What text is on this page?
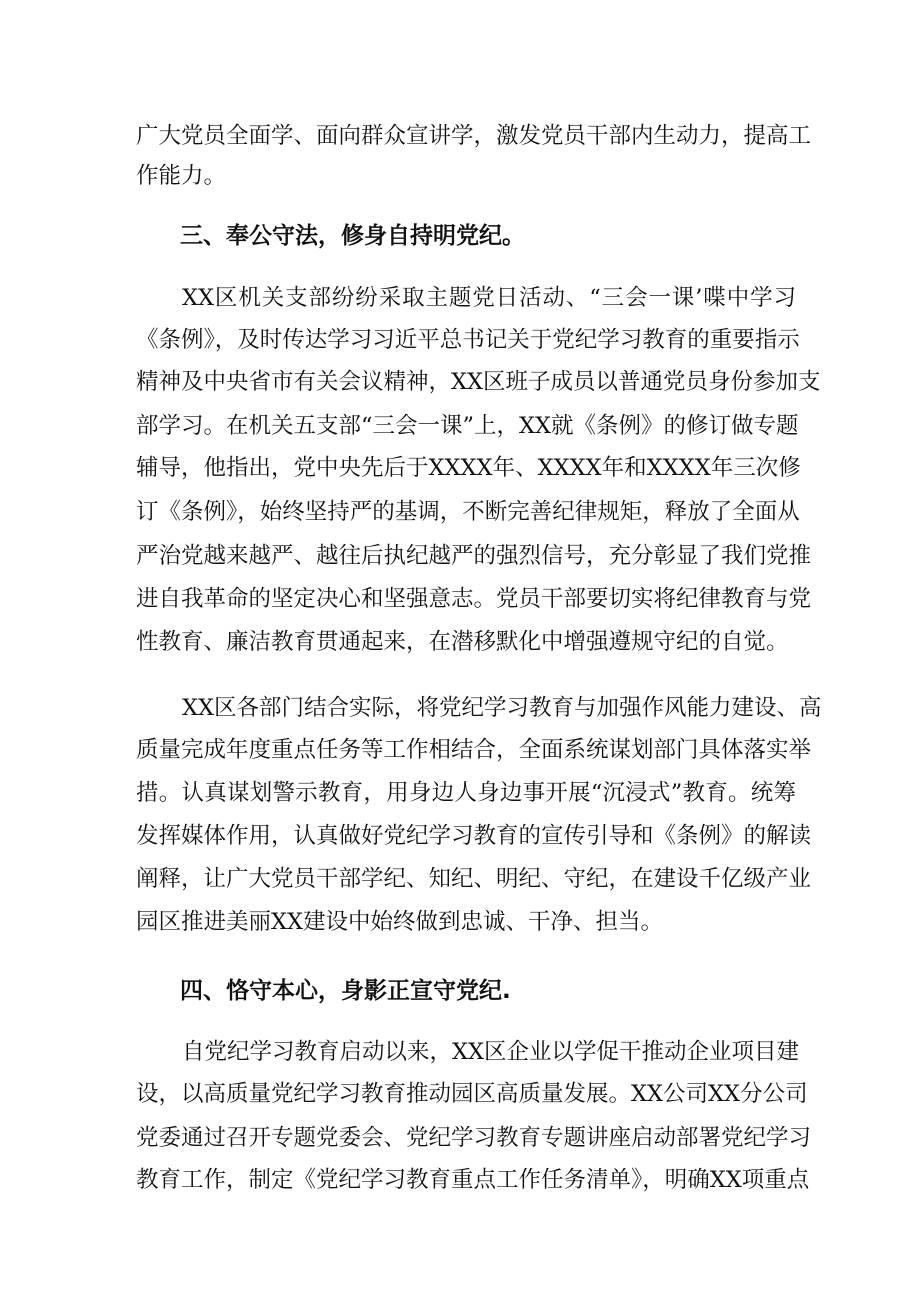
广大党员全面学、面向群众宣讲学，激发党员干部内生动力，提高工

作能力。

三、奉公守法，修身自持明党纪。

XX区机关支部纷纷采取主题党日活动、“三会一课’喋中学习

《条例》，及时传达学习习近平总书记关于党纪学习教育的重要指示

精神及中央省市有关会议精神，XX区班子成员以普通党员身份参加支

部学习。在机关五支部“三会一课”上，XX就《条例》的修订做专题

辅导，他指出，党中央先后于XXXX年、XXXX年和XXXX年三次修

订《条例》，始终坚持严的基调，不断完善纪律规矩，释放了全面从

严治党越来越严、越往后执纪越严的强烈信号，充分彰显了我们党推

进自我革命的坚定决心和坚强意志。党员干部要切实将纪律教育与党

性教育、廉洁教育贯通起来，在潜移默化中增强遵规守纪的自觉。

XX区各部门结合实际，将党纪学习教育与加强作风能力建设、高

质量完成年度重点任务等工作相结合，全面系统谋划部门具体落实举

措。认真谋划警示教育，用身边人身边事开展“沉浸式”教育。统筹

发挥媒体作用，认真做好党纪学习教育的宣传引导和《条例》的解读

阐释，让广大党员干部学纪、知纪、明纪、守纪，在建设千亿级产业

园区推进美丽XX建设中始终做到忠诚、干净、担当。

四、恪守本心，身影正宣守党纪.

自党纪学习教育启动以来，XX区企业以学促干推动企业项目建

设，以高质量党纪学习教育推动园区高质量发展。XX公司XX分公司

党委通过召开专题党委会、党纪学习教育专题讲座启动部署党纪学习

教育工作，制定《党纪学习教育重点工作任务清单》，明确XX项重点
